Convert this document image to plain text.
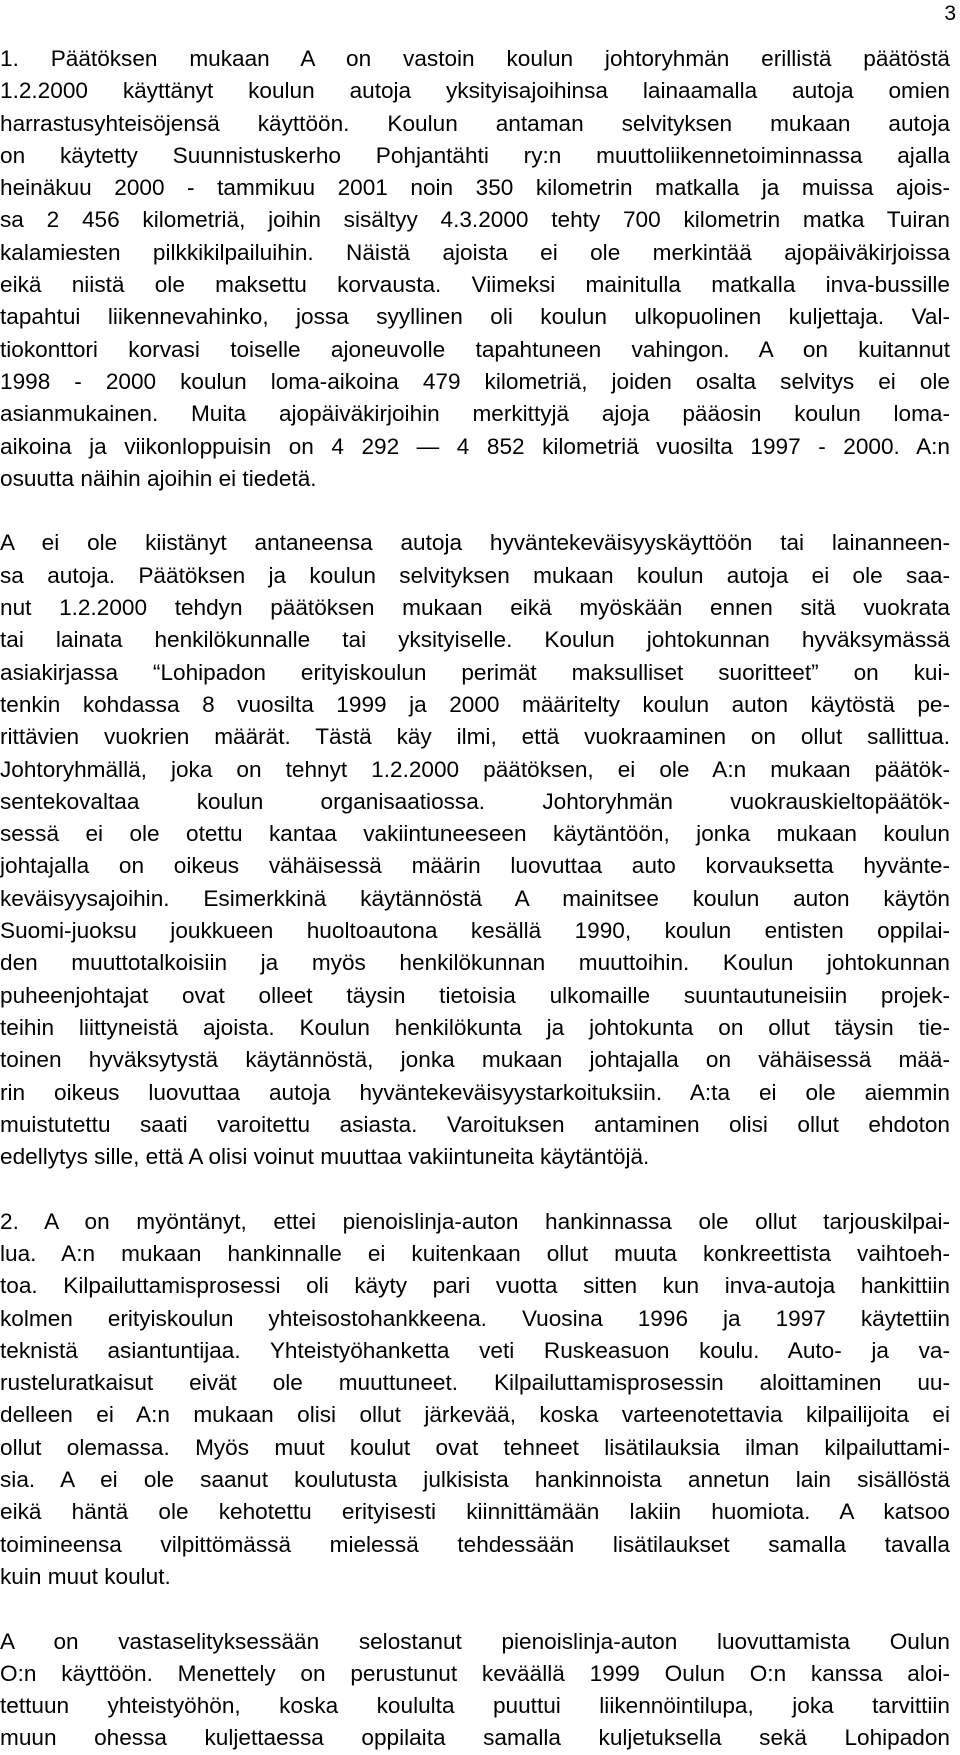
3
1. Päätöksen mukaan A on vastoin koulun johtoryhmän erillistä päätöstä
1.2.2000 käyttänyt koulun autoja yksityisajoihinsa lainaamalla autoja omien
harrastusyhteisöjensä käyttöön. Koulun antaman selvityksen mukaan autoja
on käytetty Suunnistuskerho Pohjantähti ry:n muuttoliikennetoiminnassa ajalla
heinäkuu 2000 - tammikuu 2001 noin 350 kilometrin matkalla ja muissa ajois-
sa 2 456 kilometriä, joihin sisältyy 4.3.2000 tehty 700 kilometrin matka Tuiran
kalamiesten pilkkikilpailuihin. Näistä ajoista ei ole merkintää ajopäiväkirjoissa
eikä niistä ole maksettu korvausta. Viimeksi mainitulla matkalla inva-bussille
tapahtui liikennevahinko, jossa syyllinen oli koulun ulkopuolinen kuljettaja. Val-
tiokonttori korvasi toiselle ajoneuvolle tapahtuneen vahingon. A on kuitannut
1998 - 2000 koulun loma-aikoina 479 kilometriä, joiden osalta selvitys ei ole
asianmukainen. Muita ajopäiväkirjoihin merkittyjä ajoja pääosin koulun loma-
aikoina ja viikonloppuisin on 4 292 — 4 852 kilometriä vuosilta 1997 - 2000. A:n
osuutta näihin ajoihin ei tiedetä.
A ei ole kiistänyt antaneensa autoja hyväntekeväisyyskäyttöön tai lainanneen-
sa autoja. Päätöksen ja koulun selvityksen mukaan koulun autoja ei ole saa-
nut 1.2.2000 tehdyn päätöksen mukaan eikä myöskään ennen sitä vuokrata
tai lainata henkilökunnalle tai yksityiselle. Koulun johtokunnan hyväksymässä
asiakirjassa “Lohipadon erityiskoulun perimät maksulliset suoritteet” on kui-
tenkin kohdassa 8 vuosilta 1999 ja 2000 määritelty koulun auton käytöstä pe-
rittävien vuokrien määrät. Tästä käy ilmi, että vuokraaminen on ollut sallittua.
Johtoryhmällä, joka on tehnyt 1.2.2000 päätöksen, ei ole A:n mukaan päätök-
sentekovaltaa koulun organisaatiossa. Johtoryhmän vuokrauskieltopäätök-
sessä ei ole otettu kantaa vakiintuneeseen käytäntöön, jonka mukaan koulun
johtajalla on oikeus vähäisessä määrin luovuttaa auto korvauksetta hyvänte-
keväisyysajoihin. Esimerkkinä käytännöstä A mainitsee koulun auton käytön
Suomi-juoksu joukkueen huoltoautona kesällä 1990, koulun entisten oppilai-
den muuttotalkoisiin ja myös henkilökunnan muuttoihin. Koulun johtokunnan
puheenjohtajat ovat olleet täysin tietoisia ulkomaille suuntautuneisiin projek-
teihin liittyneistä ajoista. Koulun henkilökunta ja johtokunta on ollut täysin tie-
toinen hyväksytystä käytännöstä, jonka mukaan johtajalla on vähäisessä mää-
rin oikeus luovuttaa autoja hyväntekeväisyystarkoituksiin. A:ta ei ole aiemmin
muistutettu saati varoitettu asiasta. Varoituksen antaminen olisi ollut ehdoton
edellytys sille, että A olisi voinut muuttaa vakiintuneita käytäntöjä.
2. A on myöntänyt, ettei pienoislinja-auton hankinnassa ole ollut tarjouskilpai-
lua. A:n mukaan hankinnalle ei kuitenkaan ollut muuta konkreettista vaihtoeh-
toa. Kilpailuttamisprosessi oli käyty pari vuotta sitten kun inva-autoja hankittiin
kolmen erityiskoulun yhteisostohankkeena. Vuosina 1996 ja 1997 käytettiin
teknistä asiantuntijaa. Yhteistyöhanketta veti Ruskeasuon koulu. Auto- ja va-
rusteluratkaisut eivät ole muuttuneet. Kilpailuttamisprosessin aloittaminen uu-
delleen ei A:n mukaan olisi ollut järkevää, koska varteenotettavia kilpailijoita ei
ollut olemassa. Myös muut koulut ovat tehneet lisätilauksia ilman kilpailuttami-
sia. A ei ole saanut koulutusta julkisista hankinnoista annetun lain sisällöstä
eikä häntä ole kehotettu erityisesti kiinnittämään lakiin huomiota. A katsoo
toimineensa vilpittömässä mielessä tehdessään lisätilaukset samalla tavalla
kuin muut koulut.
A on vastaselityksessään selostanut pienoislinja-auton luovuttamista Oulun
O:n käyttöön. Menettely on perustunut keväällä 1999 Oulun O:n kanssa aloi-
tettuun yhteistyöhön, koska koululta puuttui liikennöintilupa, joka tarvittiin
muun ohessa kuljettaessa oppilaita samalla kuljetuksella sekä Lohipadon
